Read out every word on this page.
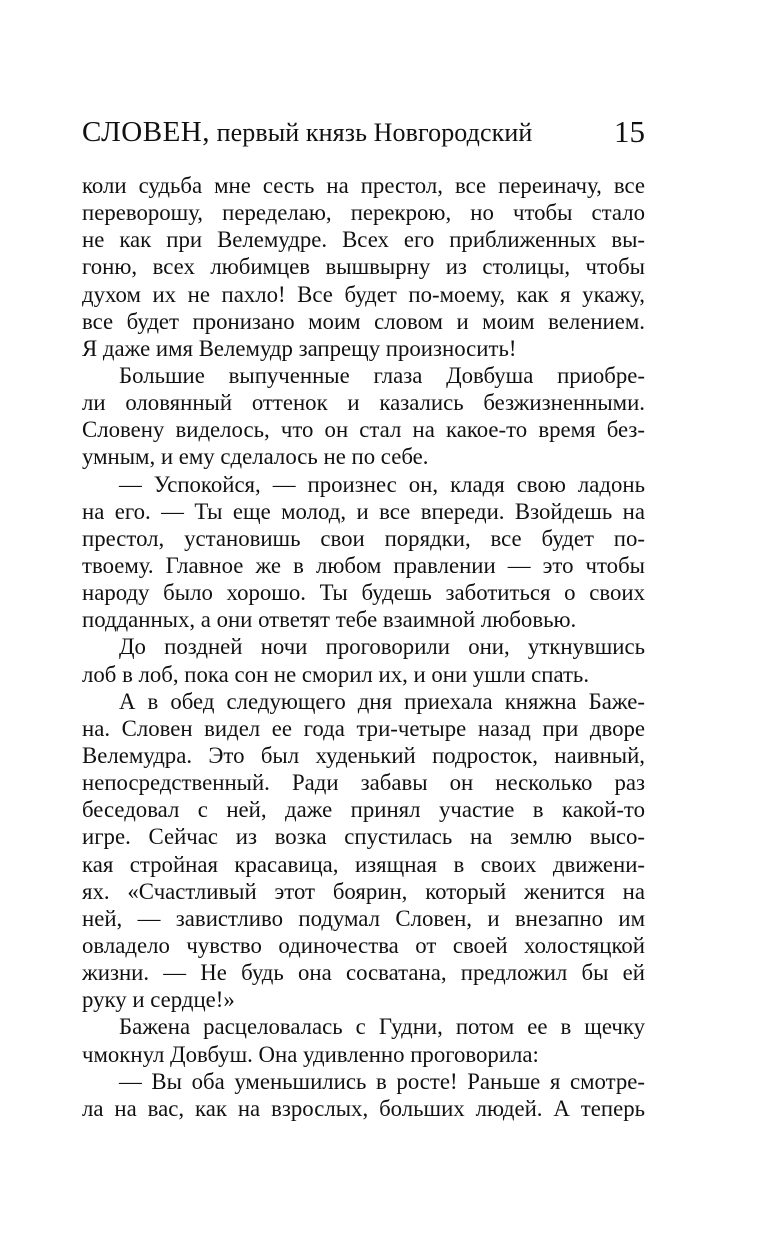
СЛОВЕН, первый князь Новгородский	15
коли судьба мне сесть на престол, все переиначу, все
переворошу, переделаю, перекрою, но чтобы стало
не как при Велемудре. Всех его приближенных вы-
гоню, всех любимцев вышвырну из столицы, чтобы
духом их не пахло! Все будет по-моему, как я укажу,
все будет пронизано моим словом и моим велением.
Я даже имя Велемудр запрещу произносить!
Большие выпученные глаза Довбуша приобре-
ли оловянный оттенок и казались безжизненными.
Словену виделось, что он стал на какое-то время без-
умным, и ему сделалось не по себе.
— Успокойся, — произнес он, кладя свою ладонь
на его. — Ты еще молод, и все впереди. Взойдешь на
престол, установишь свои порядки, все будет по-
твоему. Главное же в любом правлении — это чтобы
народу было хорошо. Ты будешь заботиться о своих
подданных, а они ответят тебе взаимной любовью.
До поздней ночи проговорили они, уткнувшись
лоб в лоб, пока сон не сморил их, и они ушли спать.
А в обед следующего дня приехала княжна Баже-
на. Словен видел ее года три-четыре назад при дворе
Велемудра. Это был худенький подросток, наивный,
непосредственный. Ради забавы он несколько раз
беседовал с ней, даже принял участие в какой-то
игре. Сейчас из возка спустилась на землю высо-
кая стройная красавица, изящная в своих движени-
ях. «Счастливый этот боярин, который женится на
ней, — завистливо подумал Словен, и внезапно им
овладело чувство одиночества от своей холостяцкой
жизни. — Не будь она сосватана, предложил бы ей
руку и сердце!»
Бажена расцеловалась с Гудни, потом ее в щечку
чмокнул Довбуш. Она удивленно проговорила:
— Вы оба уменьшились в росте! Раньше я смотре-
ла на вас, как на взрослых, больших людей. А теперь
